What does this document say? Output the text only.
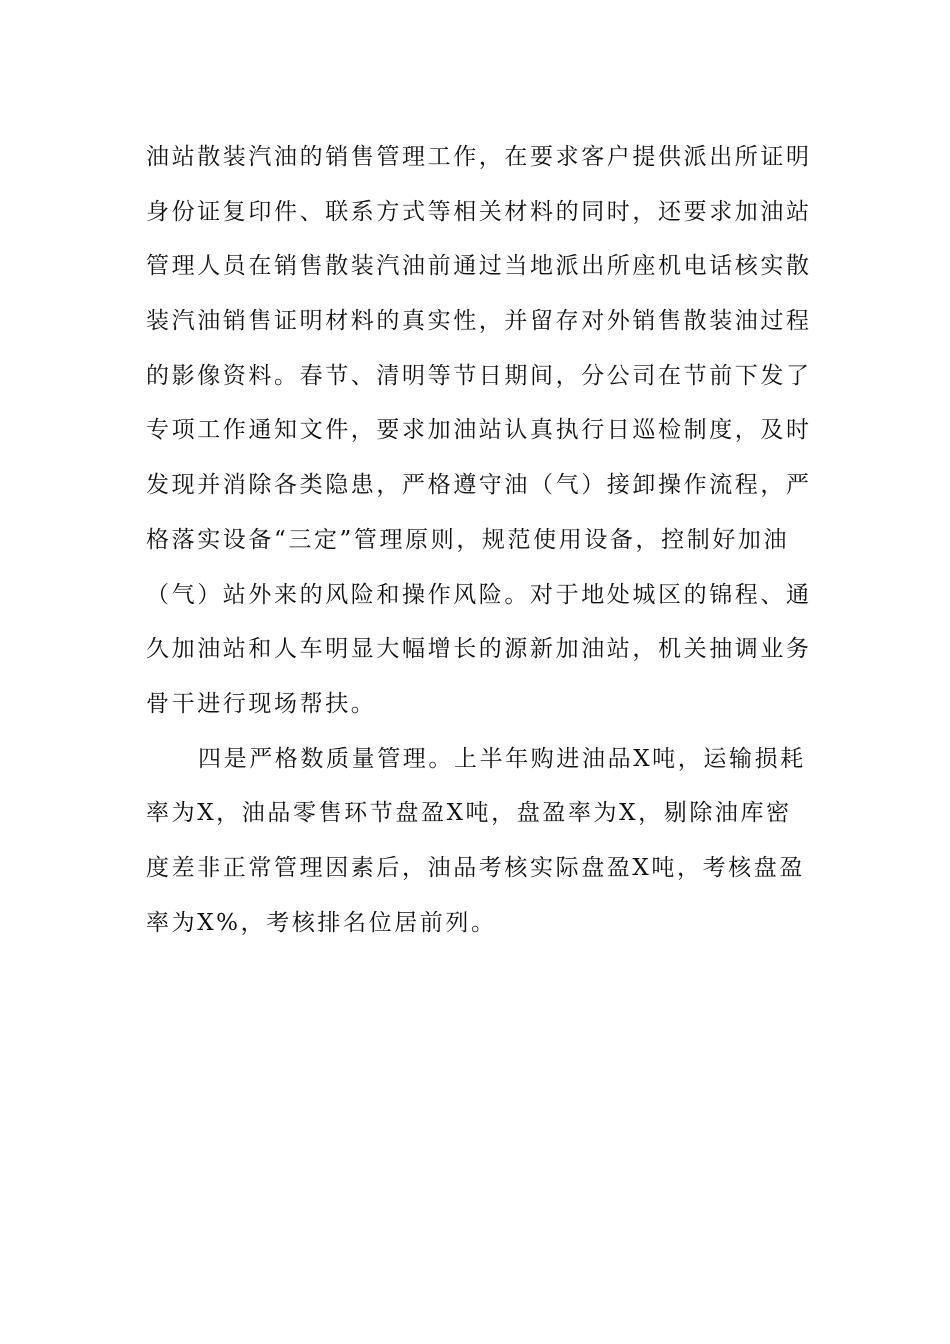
油站散装汽油的销售管理工作，在要求客户提供派出所证明
身份证复印件、联系方式等相关材料的同时，还要求加油站
管理人员在销售散装汽油前通过当地派出所座机电话核实散
装汽油销售证明材料的真实性，并留存对外销售散装油过程
的影像资料。春节、清明等节日期间，分公司在节前下发了
专项工作通知文件，要求加油站认真执行日巡检制度，及时
发现并消除各类隐患，严格遵守油（气）接卸操作流程，严
格落实设备“三定”管理原则，规范使用设备，控制好加油
（气）站外来的风险和操作风险。对于地处城区的锦程、通
久加油站和人车明显大幅增长的源新加油站，机关抽调业务
骨干进行现场帮扶。
四是严格数质量管理。上半年购进油品X吨，运输损耗
率为X，油品零售环节盘盈X吨，盘盈率为X，剔除油库密
度差非正常管理因素后，油品考核实际盘盈X吨，考核盘盈
率为X%，考核排名位居前列。
